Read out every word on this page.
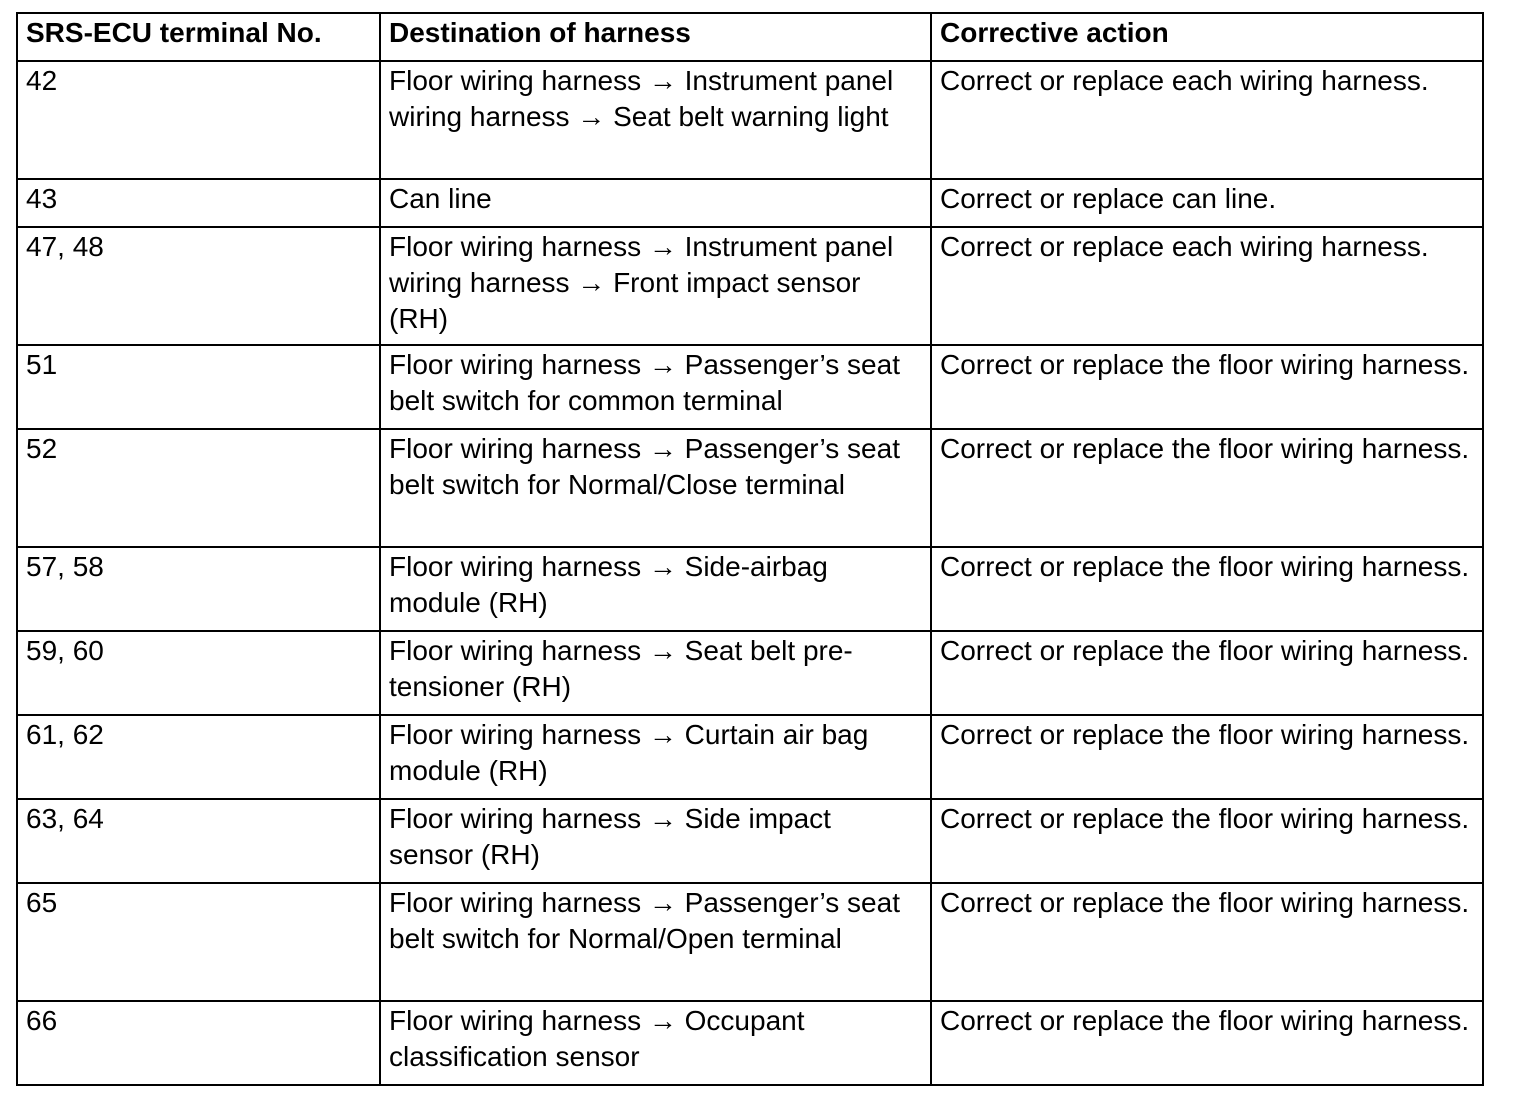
SRS-ECU terminal No.	Destination of harness	Corrective action
42	Floor wiring harness → Instrument panel wiring harness → Seat belt warning light	Correct or replace each wiring harness.
43	Can line	Correct or replace can line.
47, 48	Floor wiring harness → Instrument panel wiring harness → Front impact sensor (RH)	Correct or replace each wiring harness.
51	Floor wiring harness → Passenger’s seat belt switch for common terminal	Correct or replace the floor wiring harness.
52	Floor wiring harness → Passenger’s seat belt switch for Normal/Close terminal	Correct or replace the floor wiring harness.
57, 58	Floor wiring harness → Side-airbag module (RH)	Correct or replace the floor wiring harness.
59, 60	Floor wiring harness → Seat belt pre-tensioner (RH)	Correct or replace the floor wiring harness.
61, 62	Floor wiring harness → Curtain air bag module (RH)	Correct or replace the floor wiring harness.
63, 64	Floor wiring harness → Side impact sensor (RH)	Correct or replace the floor wiring harness.
65	Floor wiring harness → Passenger’s seat belt switch for Normal/Open terminal	Correct or replace the floor wiring harness.
66	Floor wiring harness → Occupant classification sensor	Correct or replace the floor wiring harness.
